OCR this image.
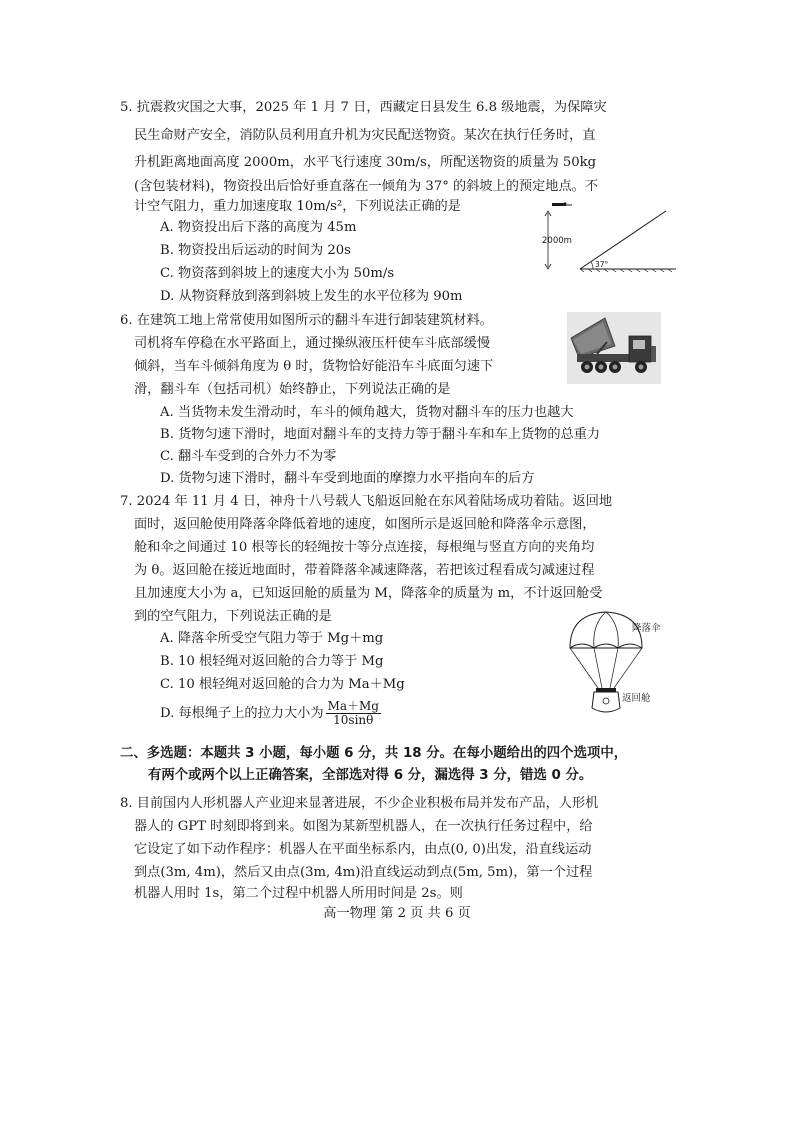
5. 抗震救灾国之大事，2025 年 1 月 7 日，西藏定日县发生 6.8 级地震，为保障灾
民生命财产安全，消防队员利用直升机为灾民配送物资。某次在执行任务时，直
升机距离地面高度 2000m，水平飞行速度 30m/s，所配送物资的质量为 50kg
(含包装材料)，物资投出后恰好垂直落在一倾角为 37° 的斜坡上的预定地点。不
计空气阻力，重力加速度取 10m/s²，下列说法正确的是
A. 物资投出后下落的高度为 45m
B. 物资投出后运动的时间为 20s
C. 物资落到斜坡上的速度大小为 50m/s
D. 从物资释放到落到斜坡上发生的水平位移为 90m
2000m
37°
6. 在建筑工地上常常使用如图所示的翻斗车进行卸装建筑材料。
司机将车停稳在水平路面上，通过操纵液压杆使车斗底部缓慢
倾斜，当车斗倾斜角度为 θ 时，货物恰好能沿车斗底面匀速下
滑，翻斗车（包括司机）始终静止，下列说法正确的是
A. 当货物未发生滑动时，车斗的倾角越大，货物对翻斗车的压力也越大
B. 货物匀速下滑时，地面对翻斗车的支持力等于翻斗车和车上货物的总重力
C. 翻斗车受到的合外力不为零
D. 货物匀速下滑时，翻斗车受到地面的摩擦力水平指向车的后方
7. 2024 年 11 月 4 日，神舟十八号载人飞船返回舱在东风着陆场成功着陆。返回地
面时，返回舱使用降落伞降低着地的速度，如图所示是返回舱和降落伞示意图，
舱和伞之间通过 10 根等长的轻绳按十等分点连接，每根绳与竖直方向的夹角均
为 θ。返回舱在接近地面时，带着降落伞减速降落，若把该过程看成匀减速过程
且加速度大小为 a，已知返回舱的质量为 M，降落伞的质量为 m，不计返回舱受
到的空气阻力，下列说法正确的是
A. 降落伞所受空气阻力等于 Mg＋mg
B. 10 根轻绳对返回舱的合力等于 Mg
C. 10 根轻绳对返回舱的合力为 Ma＋Mg
D. 每根绳子上的拉力大小为 $\frac{Ma+Mg}{10\sin\theta}$
降落伞
返回舱
二、多选题：本题共 3 小题，每小题 6 分，共 18 分。在每小题给出的四个选项中，
有两个或两个以上正确答案，全部选对得 6 分，漏选得 3 分，错选 0 分。
8. 目前国内人形机器人产业迎来显著进展，不少企业积极布局并发布产品，人形机
器人的 GPT 时刻即将到来。如图为某新型机器人，在一次执行任务过程中，给
它设定了如下动作程序：机器人在平面坐标系内，由点(0, 0)出发，沿直线运动
到点(3m, 4m)，然后又由点(3m, 4m)沿直线运动到点(5m, 5m)，第一个过程
机器人用时 1s，第二个过程中机器人所用时间是 2s。则
高一物理 第 2 页 共 6 页
